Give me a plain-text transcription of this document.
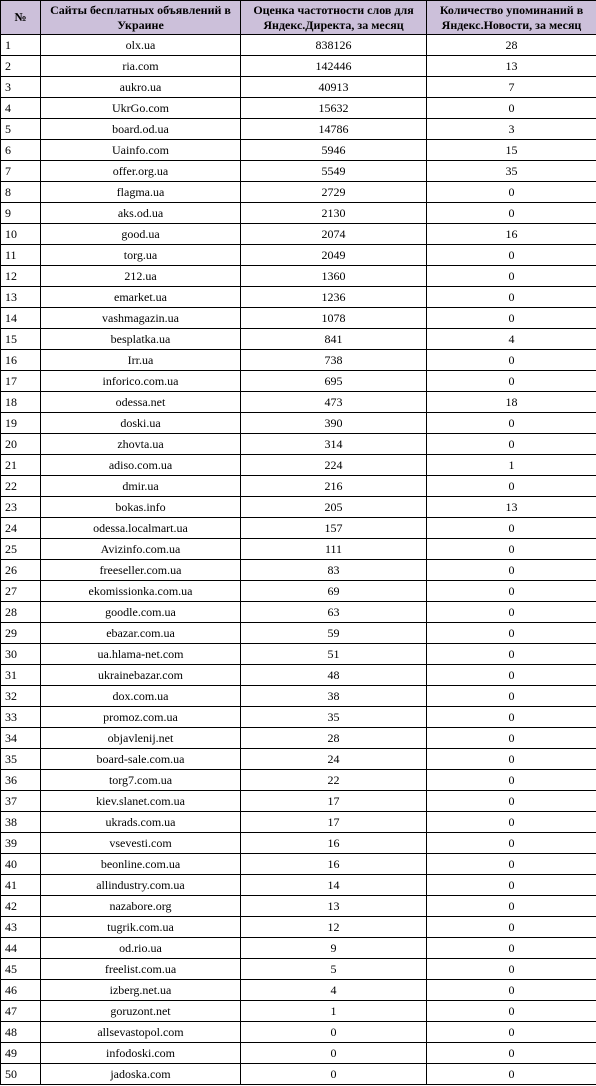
№	Сайты бесплатных объявлений в Украине	Оценка частотности слов для Яндекс.Директа, за месяц	Количество упоминаний в Яндекс.Новости, за месяц
1	olx.ua	838126	28
2	ria.com	142446	13
3	aukro.ua	40913	7
4	UkrGo.com	15632	0
5	board.od.ua	14786	3
6	Uainfo.com	5946	15
7	offer.org.ua	5549	35
8	flagma.ua	2729	0
9	aks.od.ua	2130	0
10	good.ua	2074	16
11	torg.ua	2049	0
12	212.ua	1360	0
13	emarket.ua	1236	0
14	vashmagazin.ua	1078	0
15	besplatka.ua	841	4
16	Irr.ua	738	0
17	inforico.com.ua	695	0
18	odessa.net	473	18
19	doski.ua	390	0
20	zhovta.ua	314	0
21	adiso.com.ua	224	1
22	dmir.ua	216	0
23	bokas.info	205	13
24	odessa.localmart.ua	157	0
25	Avizinfo.com.ua	111	0
26	freeseller.com.ua	83	0
27	ekomissionka.com.ua	69	0
28	goodle.com.ua	63	0
29	ebazar.com.ua	59	0
30	ua.hlama-net.com	51	0
31	ukrainebazar.com	48	0
32	dox.com.ua	38	0
33	promoz.com.ua	35	0
34	objavlenij.net	28	0
35	board-sale.com.ua	24	0
36	torg7.com.ua	22	0
37	kiev.slanet.com.ua	17	0
38	ukrads.com.ua	17	0
39	vsevesti.com	16	0
40	beonline.com.ua	16	0
41	allindustry.com.ua	14	0
42	nazabore.org	13	0
43	tugrik.com.ua	12	0
44	od.rio.ua	9	0
45	freelist.com.ua	5	0
46	izberg.net.ua	4	0
47	goruzont.net	1	0
48	allsevastopol.com	0	0
49	infodoski.com	0	0
50	jadoska.com	0	0
